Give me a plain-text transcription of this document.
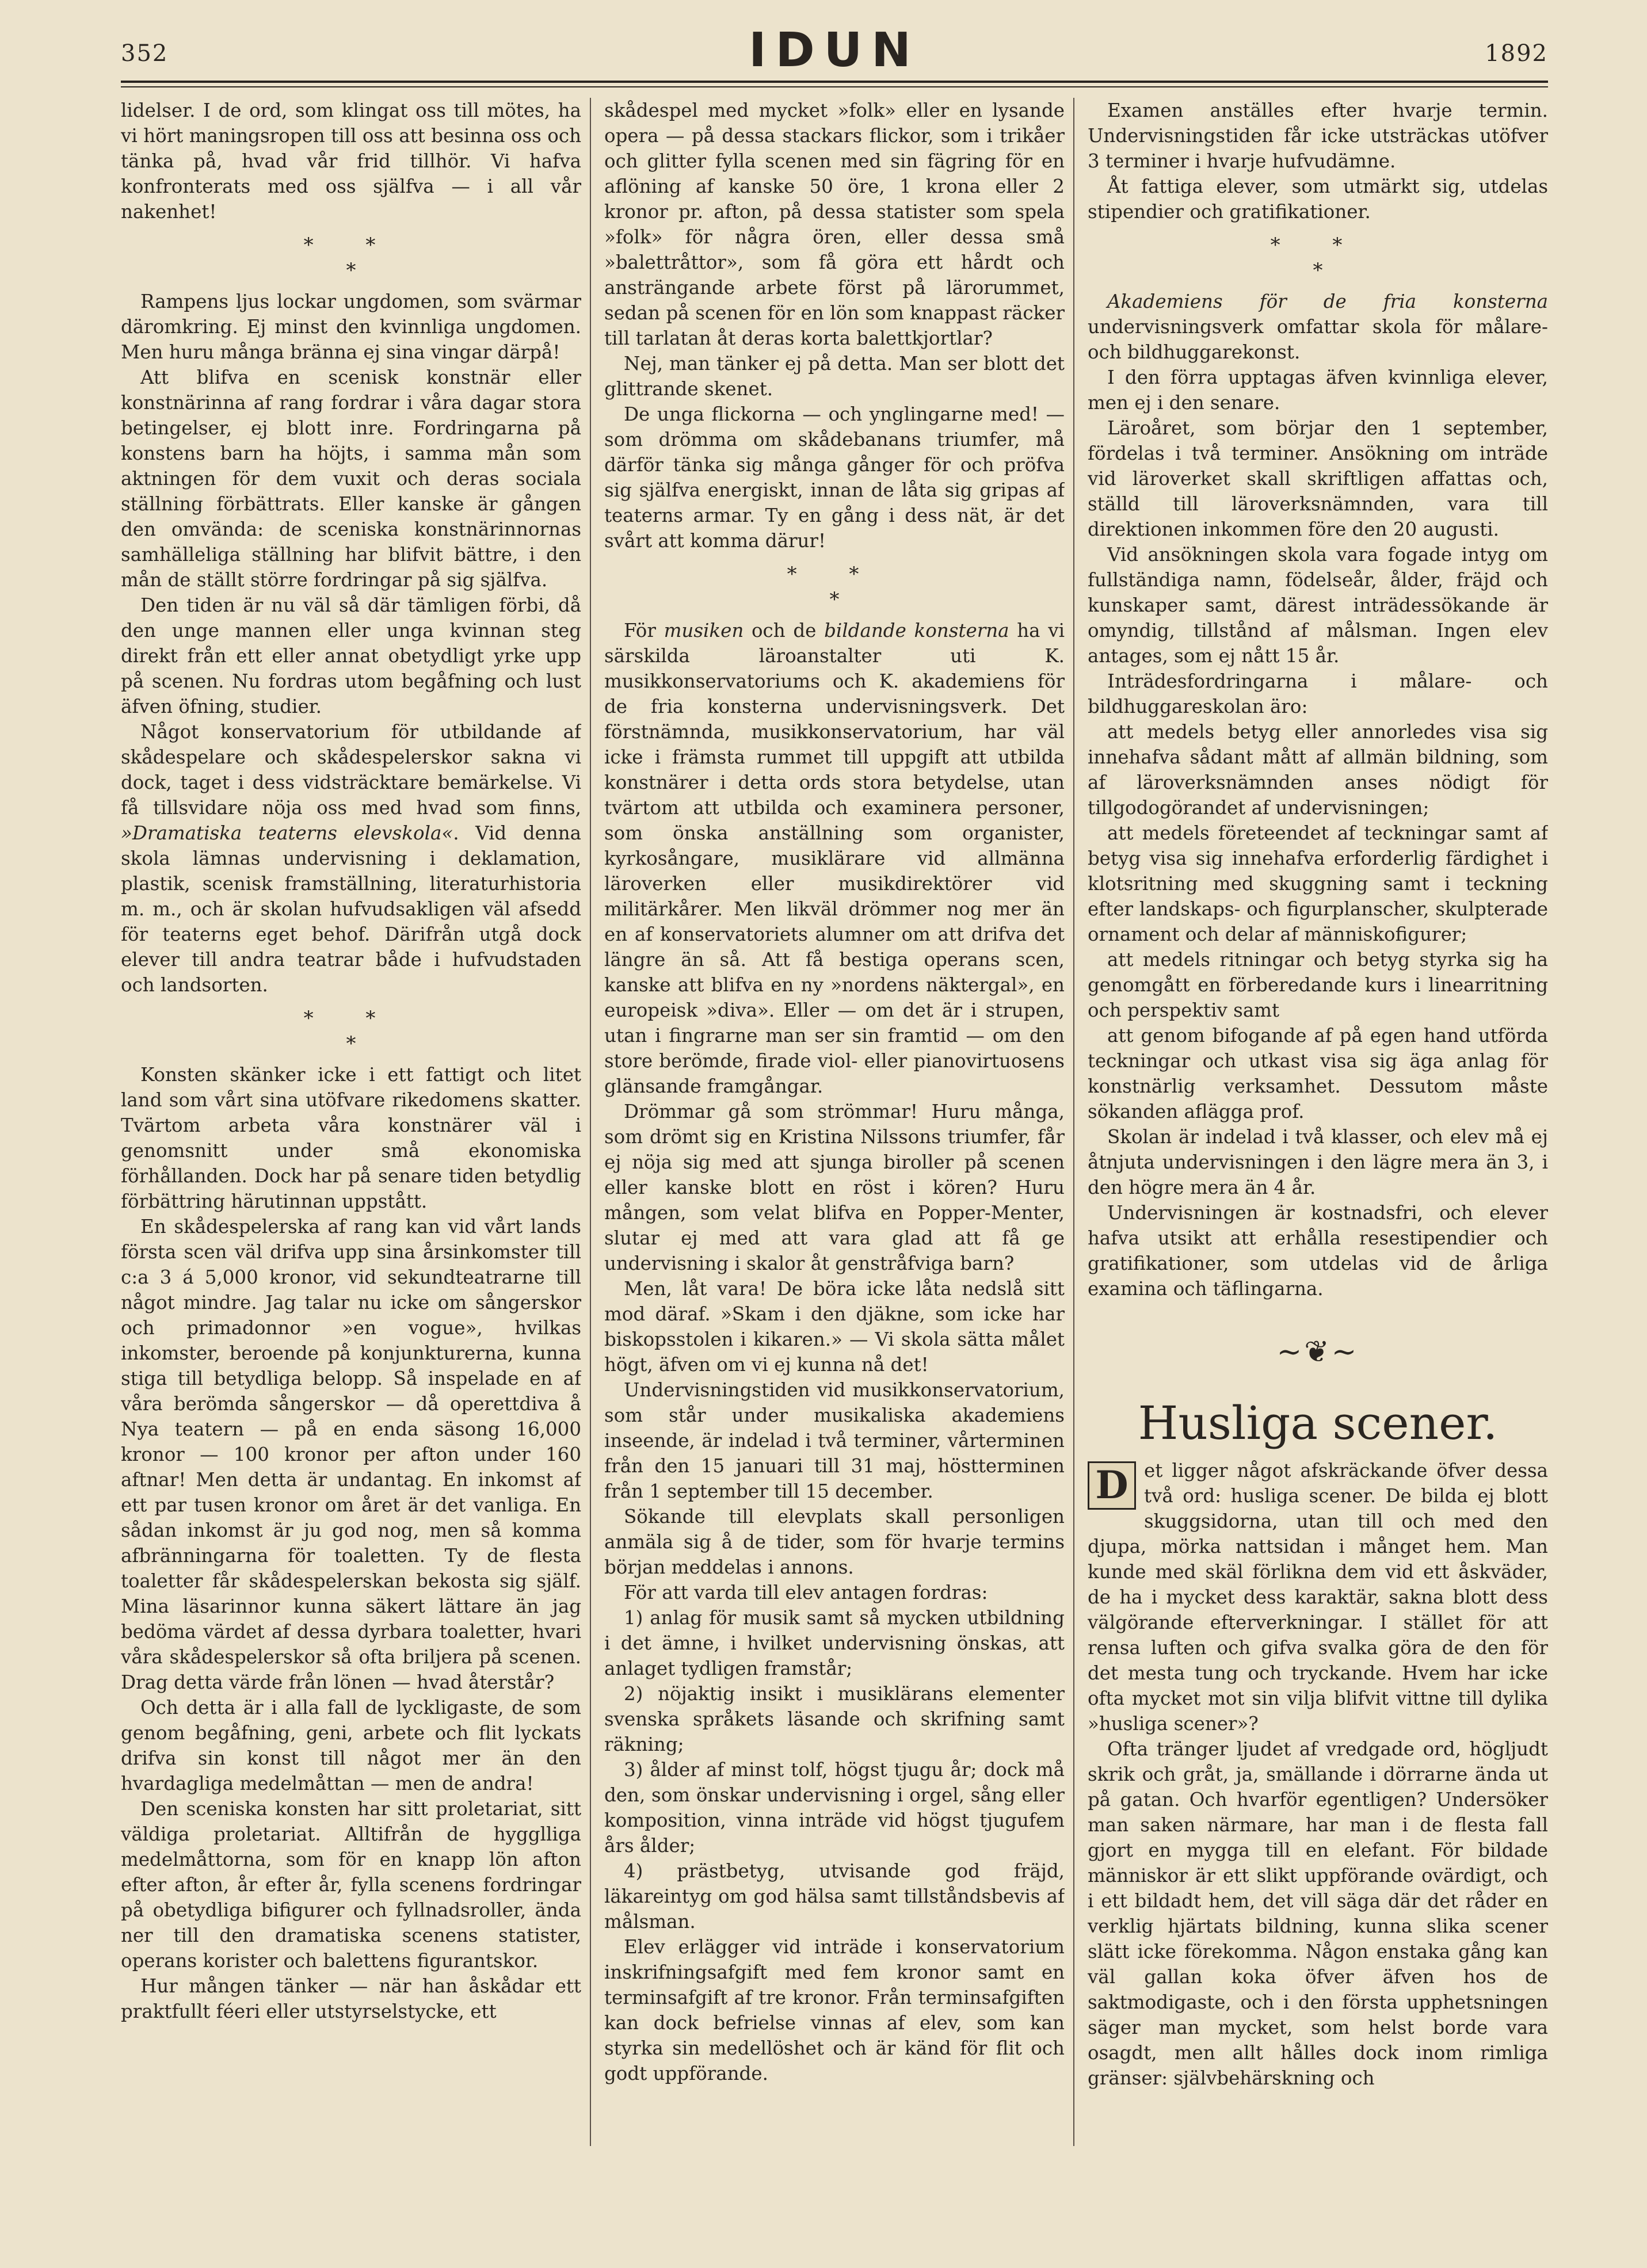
352	IDUN	1892

lidelser. I de ord, som klingat oss till mötes, ha vi hört maningsropen till oss att besinna oss och tänka på, hvad vår frid tillhör. Vi hafva konfronterats med oss själfva — i all vår nakenhet!

* *
*

Rampens ljus lockar ungdomen, som svärmar däromkring. Ej minst den kvinnliga ungdomen. Men huru många bränna ej sina vingar därpå!

Att blifva en scenisk konstnär eller konstnärinna af rang fordrar i våra dagar stora betingelser, ej blott inre. Fordringarna på konstens barn ha höjts, i samma mån som aktningen för dem vuxit och deras sociala ställning förbättrats. Eller kanske är gången den omvända: de sceniska konstnärinnornas samhälleliga ställning har blifvit bättre, i den mån de ställt större fordringar på sig själfva.

Den tiden är nu väl så där tämligen förbi, då den unge mannen eller unga kvinnan steg direkt från ett eller annat obetydligt yrke upp på scenen. Nu fordras utom begåfning och lust äfven öfning, studier.

Något konservatorium för utbildande af skådespelare och skådespelerskor sakna vi dock, taget i dess vidsträcktare bemärkelse. Vi få tillsvidare nöja oss med hvad som finns, »Dramatiska teaterns elevskola«. Vid denna skola lämnas undervisning i deklamation, plastik, scenisk framställning, literaturhistoria m. m., och är skolan hufvudsakligen väl afsedd för teaterns eget behof. Därifrån utgå dock elever till andra teatrar både i hufvudstaden och landsorten.

* *
*

Konsten skänker icke i ett fattigt och litet land som vårt sina utöfvare rikedomens skatter. Tvärtom arbeta våra konstnärer väl i genomsnitt under små ekonomiska förhållanden. Dock har på senare tiden betydlig förbättring härutinnan uppstått.

En skådespelerska af rang kan vid vårt lands första scen väl drifva upp sina årsinkomster till c:a 3 á 5,000 kronor, vid sekundteatrarne till något mindre. Jag talar nu icke om sångerskor och primadonnor »en vogue», hvilkas inkomster, beroende på konjunkturerna, kunna stiga till betydliga belopp. Så inspelade en af våra berömda sångerskor — då operettdiva å Nya teatern — på en enda säsong 16,000 kronor — 100 kronor per afton under 160 aftnar! Men detta är undantag. En inkomst af ett par tusen kronor om året är det vanliga. En sådan inkomst är ju god nog, men så komma afbränningarna för toaletten. Ty de flesta toaletter får skådespelerskan bekosta sig själf. Mina läsarinnor kunna säkert lättare än jag bedöma värdet af dessa dyrbara toaletter, hvari våra skådespelerskor så ofta briljera på scenen. Drag detta värde från lönen — hvad återstår?

Och detta är i alla fall de lyckligaste, de som genom begåfning, geni, arbete och flit lyckats drifva sin konst till något mer än den hvardagliga medelmåttan — men de andra!

Den sceniska konsten har sitt proletariat, sitt väldiga proletariat. Alltifrån de hygglliga medelmåttorna, som för en knapp lön afton efter afton, år efter år, fylla scenens fordringar på obetydliga bifigurer och fyllnadsroller, ända ner till den dramatiska scenens statister, operans korister och balettens figurantskor.

Hur mången tänker — när han åskådar ett praktfullt féeri eller utstyrselstycke, ett

skådespel med mycket »folk» eller en lysande opera — på dessa stackars flickor, som i trikåer och glitter fylla scenen med sin fägring för en aflöning af kanske 50 öre, 1 krona eller 2 kronor pr. afton, på dessa statister som spela »folk» för några ören, eller dessa små »balettråttor», som få göra ett hårdt och ansträngande arbete först på lärorummet, sedan på scenen för en lön som knappast räcker till tarlatan åt deras korta balettkjortlar?

Nej, man tänker ej på detta. Man ser blott det glittrande skenet.

De unga flickorna — och ynglingarne med! — som drömma om skådebanans triumfer, må därför tänka sig många gånger för och pröfva sig själfva energiskt, innan de låta sig gripas af teaterns armar. Ty en gång i dess nät, är det svårt att komma därur!

* *
*

För musiken och de bildande konsterna ha vi särskilda läroanstalter uti K. musikkonservatoriums och K. akademiens för de fria konsterna undervisningsverk. Det förstnämnda, musikkonservatorium, har väl icke i främsta rummet till uppgift att utbilda konstnärer i detta ords stora betydelse, utan tvärtom att utbilda och examinera personer, som önska anställning som organister, kyrkosångare, musiklärare vid allmänna läroverken eller musikdirektörer vid militärkårer. Men likväl drömmer nog mer än en af konservatoriets alumner om att drifva det längre än så. Att få bestiga operans scen, kanske att blifva en ny »nordens näktergal», en europeisk »diva». Eller — om det är i strupen, utan i fingrarne man ser sin framtid — om den store berömde, firade viol- eller pianovirtuosens glänsande framgångar.

Drömmar gå som strömmar! Huru många, som drömt sig en Kristina Nilssons triumfer, får ej nöja sig med att sjunga biroller på scenen eller kanske blott en röst i kören? Huru mången, som velat blifva en Popper-Menter, slutar ej med att vara glad att få ge undervisning i skalor åt genstråfviga barn?

Men, låt vara! De böra icke låta nedslå sitt mod däraf. »Skam i den djäkne, som icke har biskopsstolen i kikaren.» — Vi skola sätta målet högt, äfven om vi ej kunna nå det!

Undervisningstiden vid musikkonservatorium, som står under musikaliska akademiens inseende, är indelad i två terminer, vårterminen från den 15 januari till 31 maj, höstterminen från 1 september till 15 december.

Sökande till elevplats skall personligen anmäla sig å de tider, som för hvarje termins början meddelas i annons.

För att varda till elev antagen fordras:

1) anlag för musik samt så mycken utbildning i det ämne, i hvilket undervisning önskas, att anlaget tydligen framstår;

2) nöjaktig insikt i musiklärans elementer svenska språkets läsande och skrifning samt räkning;

3) ålder af minst tolf, högst tjugu år; dock må den, som önskar undervisning i orgel, sång eller komposition, vinna inträde vid högst tjugufem års ålder;

4) prästbetyg, utvisande god fräjd, läkareintyg om god hälsa samt tillståndsbevis af målsman.

Elev erlägger vid inträde i konservatorium inskrifningsafgift med fem kronor samt en terminsafgift af tre kronor. Från terminsafgiften kan dock befrielse vinnas af elev, som kan styrka sin medellöshet och är känd för flit och godt uppförande.

Examen anställes efter hvarje termin. Undervisningstiden får icke utsträckas utöfver 3 terminer i hvarje hufvudämne.

Åt fattiga elever, som utmärkt sig, utdelas stipendier och gratifikationer.

* *
*

Akademiens för de fria konsterna undervisningsverk omfattar skola för målare- och bildhuggarekonst.

I den förra upptagas äfven kvinnliga elever, men ej i den senare.

Läroåret, som börjar den 1 september, fördelas i två terminer. Ansökning om inträde vid läroverket skall skriftligen affattas och, ställd till läroverksnämnden, vara till direktionen inkommen före den 20 augusti.

Vid ansökningen skola vara fogade intyg om fullständiga namn, födelseår, ålder, fräjd och kunskaper samt, därest inträdessökande är omyndig, tillstånd af målsman. Ingen elev antages, som ej nått 15 år.

Inträdesfordringarna i målare- och bildhuggareskolan äro:

att medels betyg eller annorledes visa sig innehafva sådant mått af allmän bildning, som af läroverksnämnden anses nödigt för tillgodogörandet af undervisningen;

att medels företeendet af teckningar samt af betyg visa sig innehafva erforderlig färdighet i klotsritning med skuggning samt i teckning efter landskaps- och figurplanscher, skulpterade ornament och delar af människofigurer;

att medels ritningar och betyg styrka sig ha genomgått en förberedande kurs i linearritning och perspektiv samt

att genom bifogande af på egen hand utförda teckningar och utkast visa sig äga anlag för konstnärlig verksamhet. Dessutom måste sökanden aflägga prof.

Skolan är indelad i två klasser, och elev må ej åtnjuta undervisningen i den lägre mera än 3, i den högre mera än 4 år.

Undervisningen är kostnadsfri, och elever hafva utsikt att erhålla resestipendier och gratifikationer, som utdelas vid de årliga examina och täflingarna.

~❦~
Husliga scener.

D et ligger något afskräckande öfver dessa två ord: husliga scener. De bilda ej blott skuggsidorna, utan till och med den djupa, mörka nattsidan i månget hem. Man kunde med skäl förlikna dem vid ett åskväder, de ha i mycket dess karaktär, sakna blott dess välgörande efterverkningar. I stället för att rensa luften och gifva svalka göra de den för det mesta tung och tryckande. Hvem har icke ofta mycket mot sin vilja blifvit vittne till dylika »husliga scener»?

Ofta tränger ljudet af vredgade ord, högljudt skrik och gråt, ja, smällande i dörrarne ända ut på gatan. Och hvarför egentligen? Undersöker man saken närmare, har man i de flesta fall gjort en mygga till en elefant. För bildade människor är ett slikt uppförande ovärdigt, och i ett bildadt hem, det vill säga där det råder en verklig hjärtats bildning, kunna slika scener slätt icke förekomma. Någon enstaka gång kan väl gallan koka öfver äfven hos de saktmodigaste, och i den första upphetsningen säger man mycket, som helst borde vara osagdt, men allt hålles dock inom rimliga gränser: självbehärskning och
